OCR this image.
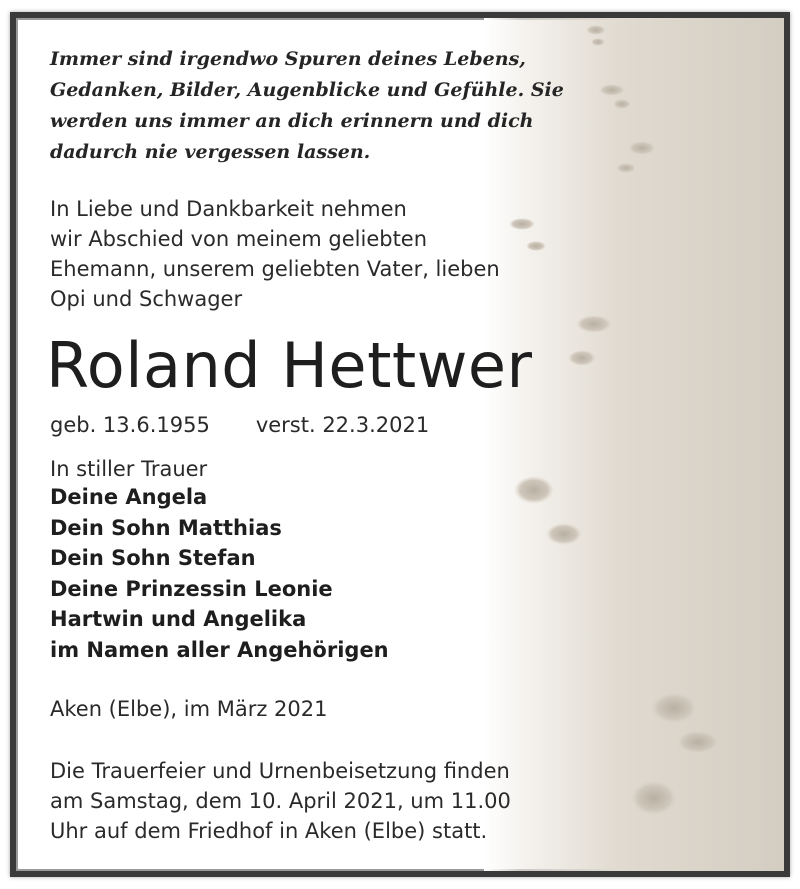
Immer sind irgendwo Spuren deines Lebens,
Gedanken, Bilder, Augenblicke und Gefühle. Sie
werden uns immer an dich erinnern und dich
dadurch nie vergessen lassen.
In Liebe und Dankbarkeit nehmen
wir Abschied von meinem geliebten
Ehemann, unserem geliebten Vater, lieben
Opi und Schwager
Roland Hettwer
geb. 13.6.1955 verst. 22.3.2021
In stiller Trauer
Deine Angela
Dein Sohn Matthias
Dein Sohn Stefan
Deine Prinzessin Leonie
Hartwin und Angelika
im Namen aller Angehörigen
Aken (Elbe), im März 2021
Die Trauerfeier und Urnenbeisetzung finden
am Samstag, dem 10. April 2021, um 11.00
Uhr auf dem Friedhof in Aken (Elbe) statt.
